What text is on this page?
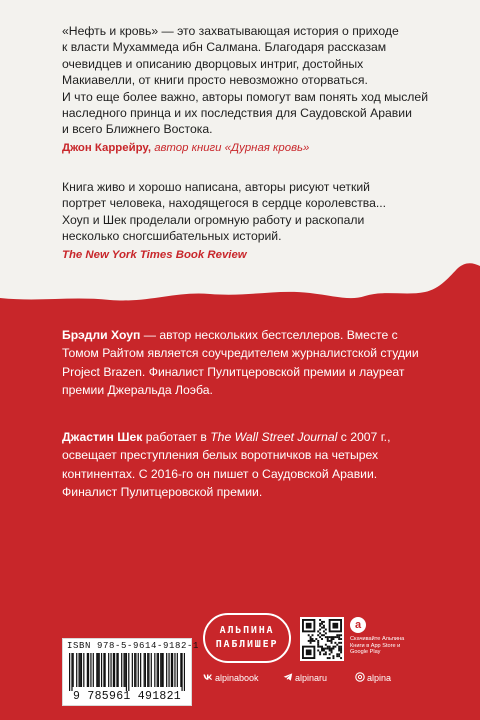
«Нефть и кровь» — это захватывающая история о приходе

к власти Мухаммеда ибн Салмана. Благодаря рассказам

очевидцев и описанию дворцовых интриг, достойных

Макиавелли, от книги просто невозможно оторваться.

И что еще более важно, авторы помогут вам понять ход мыслей

наследного принца и их последствия для Саудовской Аравии

и всего Ближнего Востока.

Джон Каррейру, автор книги «Дурная кровь»

Книга живо и хорошо написана, авторы рисуют четкий

портрет человека, находящегося в сердце королевства...

Хоуп и Шек проделали огромную работу и раскопали

несколько сногсшибательных историй.

The New York Times Book Review
Брэдли Хоуп — автор нескольких бестселлеров. Вместе с Томом Райтом является соучредителем журналистской студии Project Brazen. Финалист Пулитцеровской премии и лауреат премии Джеральда Лоэба.
Джастин Шек работает в The Wall Street Journal с 2007 г., освещает преступления белых воротничков на четырех континентах. С 2016-го он пишет о Саудовской Аравии. Финалист Пулитцеровской премии.
ISBN 978-5-9614-9182-1
9 785961 491821
АЛЬПИНА
ПАБЛИШЕР
a
Скачивайте Альпина Книги в App Store и Google Play
alpinabook	alpinaru	alpina
